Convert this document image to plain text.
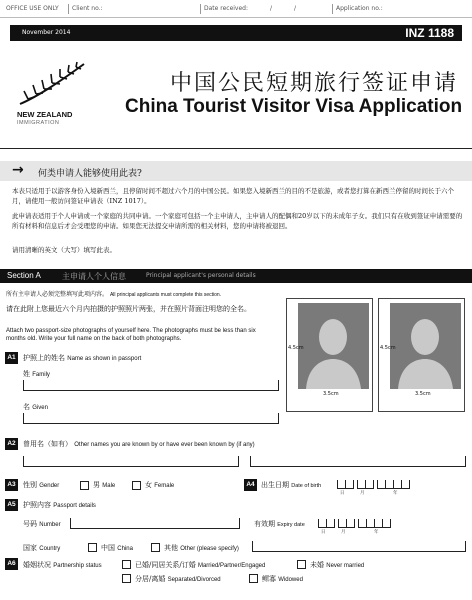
OFFICE USE ONLY Client no.:	Date received:	/	/	Application no.:
November 2014	INZ 1188
NEW ZEALAND
IMMIGRATION
中国公民短期旅行签证申请
China Tourist Visitor Visa Application
→ 何类申请人能够使用此表?
本表只适用于以游客身份入境新西兰，且停留时间不超过六个月的中国公民。如果您入境新西兰的目的不是旅游，或者您打算在新西兰停留的时间长于六个月，请使用一般访问签证申请表（INZ 1017）。
此申请表适用于个人申请或一个家庭的共同申请。一个家庭可包括一个主申请人，主申请人的配偶和20岁以下的未成年子女。我们只有在收到签证申请需要的所有材料和信息后才会受理您的申请。如果您无法提交申请所需的相关材料，您的申请将被退回。
请用清晰的英文（大写）填写此表。
Section A	主申请人个人信息	Principal applicant's personal details
所有主申请人必须完整填写此项内容。 All principal applicants must complete this section.
请在此附上您最近六个月内拍摄的护照照片两张，并在照片背面注明您的全名。
Attach two passport-size photographs of yourself here. The photographs must be less than six months old. Write your full name on the back of both photographs.
4.5cm
3.5cm
4.5cm
3.5cm
A1	护照上的姓名 Name as shown in passport
姓 Family
名 Given
A2	曾用名（如有） Other names you are known by or have ever been known by (if any)
A3	性别 Gender	男 Male	女 Female	A4 出生日期 Date of birth
日	月	年
A5	护照内容 Passport details
号码 Number	有效期 Expiry date
日	月	年
国家 Country	中国 China	其他 Other (please specify)
A6	婚姻状况 Partnership status	已婚/同居关系/订婚 Married/Partner/Engaged	未婚 Never married
分居/离婚 Separated/Divorced	鳏寡 Widowed
